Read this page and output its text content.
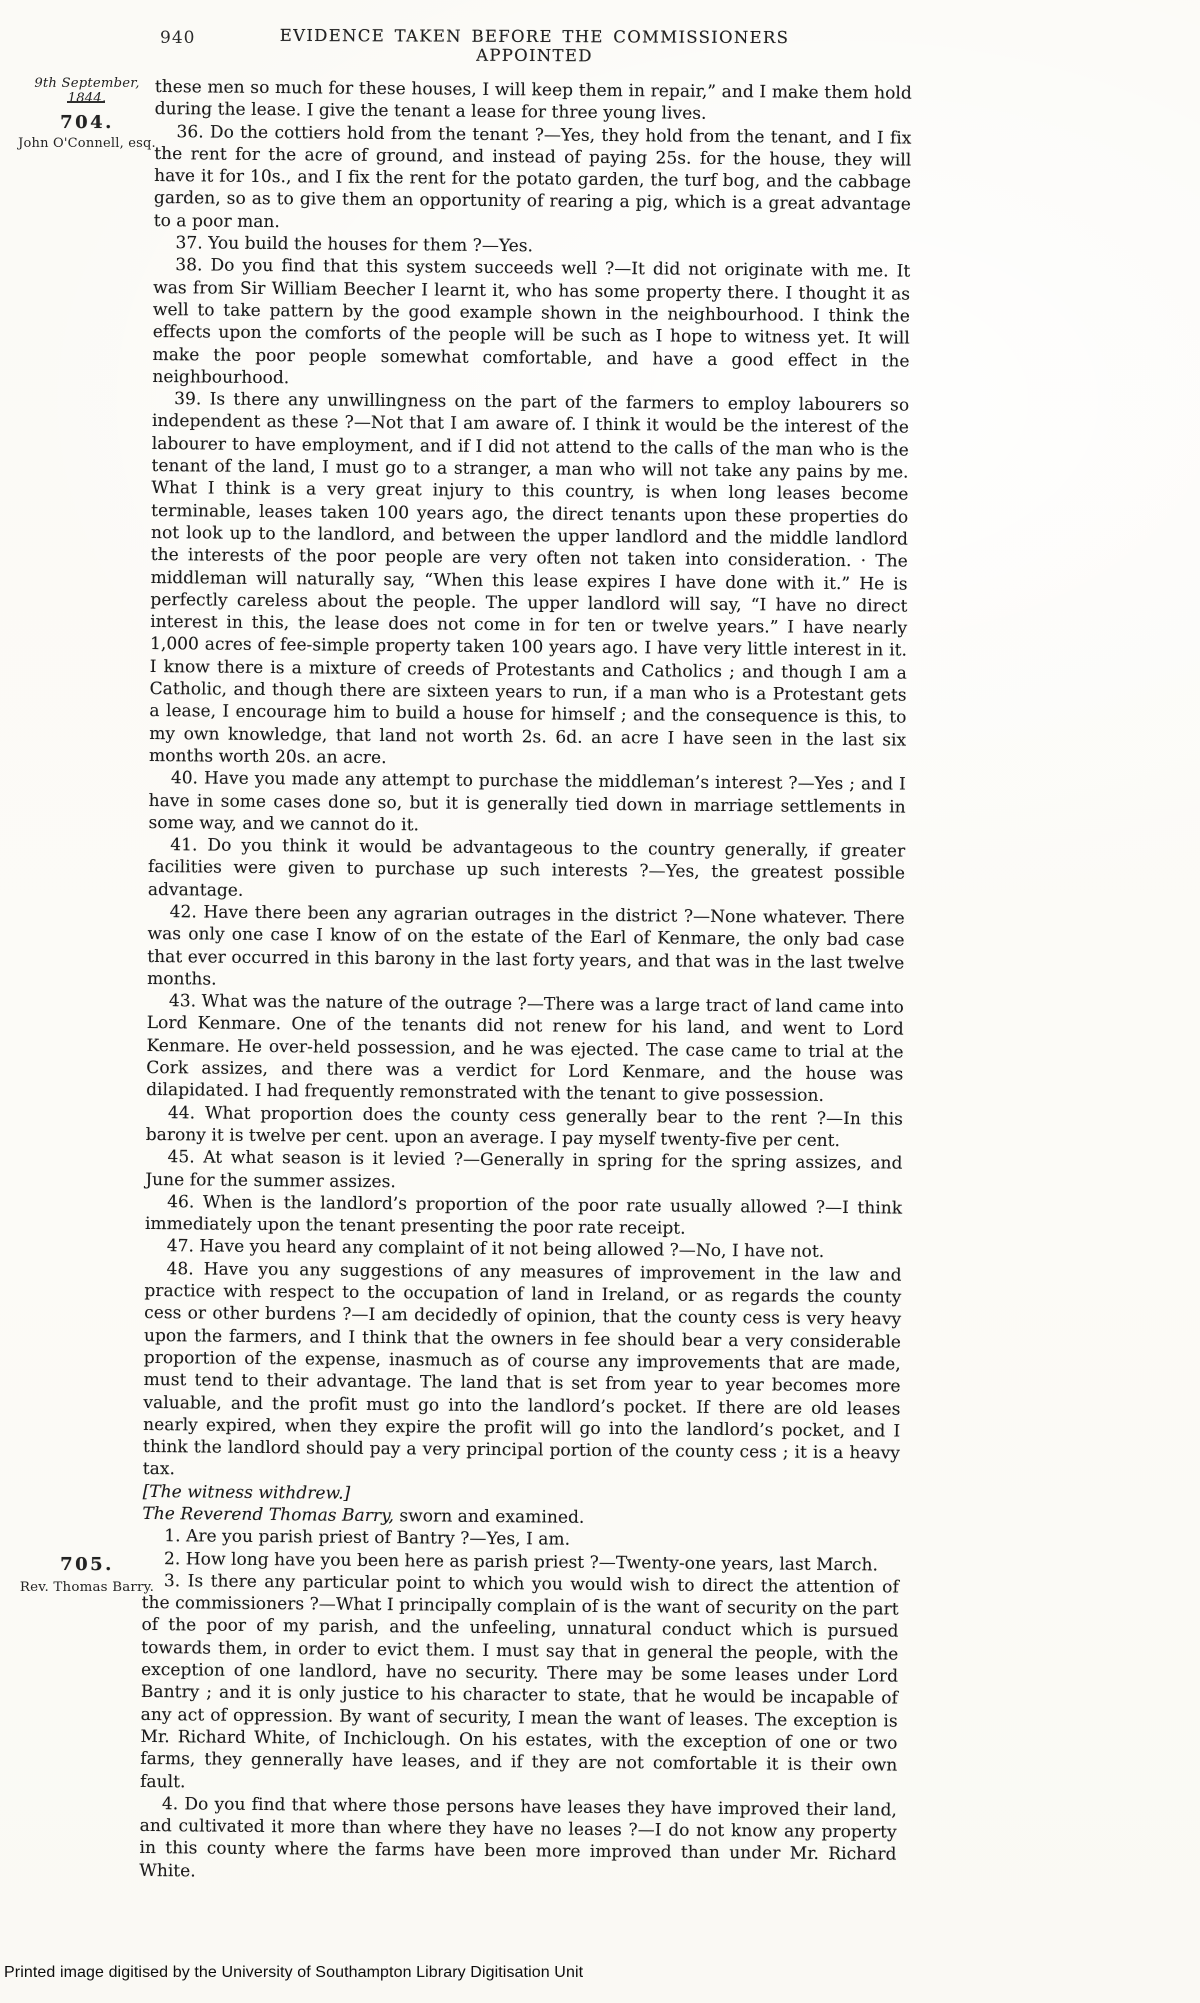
940	EVIDENCE TAKEN BEFORE THE COMMISSIONERS APPOINTED
9th September, 1844.
704.
John O'Connell, esq.
705.
Rev. Thomas Barry.

these men so much for these houses, I will keep them in repair,” and I make them hold during the lease. I give the tenant a lease for three young lives.

36. Do the cottiers hold from the tenant ?—Yes, they hold from the tenant, and I fix the rent for the acre of ground, and instead of paying 25s. for the house, they will have it for 10s., and I fix the rent for the potato garden, the turf bog, and the cabbage garden, so as to give them an opportunity of rearing a pig, which is a great advantage to a poor man.

37. You build the houses for them ?—Yes.

38. Do you find that this system succeeds well ?—It did not originate with me. It was from Sir William Beecher I learnt it, who has some property there. I thought it as well to take pattern by the good example shown in the neighbourhood. I think the effects upon the comforts of the people will be such as I hope to witness yet. It will make the poor people somewhat comfortable, and have a good effect in the neighbourhood.

39. Is there any unwillingness on the part of the farmers to employ labourers so independent as these ?—Not that I am aware of. I think it would be the interest of the labourer to have employment, and if I did not attend to the calls of the man who is the tenant of the land, I must go to a stranger, a man who will not take any pains by me. What I think is a very great injury to this country, is when long leases become terminable, leases taken 100 years ago, the direct tenants upon these properties do not look up to the landlord, and between the upper landlord and the middle landlord the interests of the poor people are very often not taken into consideration. · The middleman will naturally say, “When this lease expires I have done with it.” He is perfectly careless about the people. The upper landlord will say, “I have no direct interest in this, the lease does not come in for ten or twelve years.” I have nearly 1,000 acres of fee-simple property taken 100 years ago. I have very little interest in it. I know there is a mixture of creeds of Protestants and Catholics ; and though I am a Catholic, and though there are sixteen years to run, if a man who is a Protestant gets a lease, I encourage him to build a house for himself ; and the consequence is this, to my own knowledge, that land not worth 2s. 6d. an acre I have seen in the last six months worth 20s. an acre.

40. Have you made any attempt to purchase the middleman’s interest ?—Yes ; and I have in some cases done so, but it is generally tied down in marriage settlements in some way, and we cannot do it.

41. Do you think it would be advantageous to the country generally, if greater facilities were given to purchase up such interests ?—Yes, the greatest possible advantage.

42. Have there been any agrarian outrages in the district ?—None whatever. There was only one case I know of on the estate of the Earl of Kenmare, the only bad case that ever occurred in this barony in the last forty years, and that was in the last twelve months.

43. What was the nature of the outrage ?—There was a large tract of land came into Lord Kenmare. One of the tenants did not renew for his land, and went to Lord Kenmare. He over-held possession, and he was ejected. The case came to trial at the Cork assizes, and there was a verdict for Lord Kenmare, and the house was dilapidated. I had frequently remonstrated with the tenant to give possession.

44. What proportion does the county cess generally bear to the rent ?—In this barony it is twelve per cent. upon an average. I pay myself twenty-five per cent.

45. At what season is it levied ?—Generally in spring for the spring assizes, and June for the summer assizes.

46. When is the landlord’s proportion of the poor rate usually allowed ?—I think immediately upon the tenant presenting the poor rate receipt.

47. Have you heard any complaint of it not being allowed ?—No, I have not.

48. Have you any suggestions of any measures of improvement in the law and practice with respect to the occupation of land in Ireland, or as regards the county cess or other burdens ?—I am decidedly of opinion, that the county cess is very heavy upon the farmers, and I think that the owners in fee should bear a very considerable proportion of the expense, inasmuch as of course any improvements that are made, must tend to their advantage. The land that is set from year to year becomes more valuable, and the profit must go into the landlord’s pocket. If there are old leases nearly expired, when they expire the profit will go into the landlord’s pocket, and I think the landlord should pay a very principal portion of the county cess ; it is a heavy tax.

[The witness withdrew.]

The Reverend Thomas Barry, sworn and examined.

1. Are you parish priest of Bantry ?—Yes, I am.

2. How long have you been here as parish priest ?—Twenty-one years, last March.

3. Is there any particular point to which you would wish to direct the attention of the commissioners ?—What I principally complain of is the want of security on the part of the poor of my parish, and the unfeeling, unnatural conduct which is pursued towards them, in order to evict them. I must say that in general the people, with the exception of one landlord, have no security. There may be some leases under Lord Bantry ; and it is only justice to his character to state, that he would be incapable of any act of oppression. By want of security, I mean the want of leases. The exception is Mr. Richard White, of Inchiclough. On his estates, with the exception of one or two farms, they gennerally have leases, and if they are not comfortable it is their own fault.

4. Do you find that where those persons have leases they have improved their land, and cultivated it more than where they have no leases ?—I do not know any property in this county where the farms have been more improved than under Mr. Richard White.

Printed image digitised by the University of Southampton Library Digitisation Unit
